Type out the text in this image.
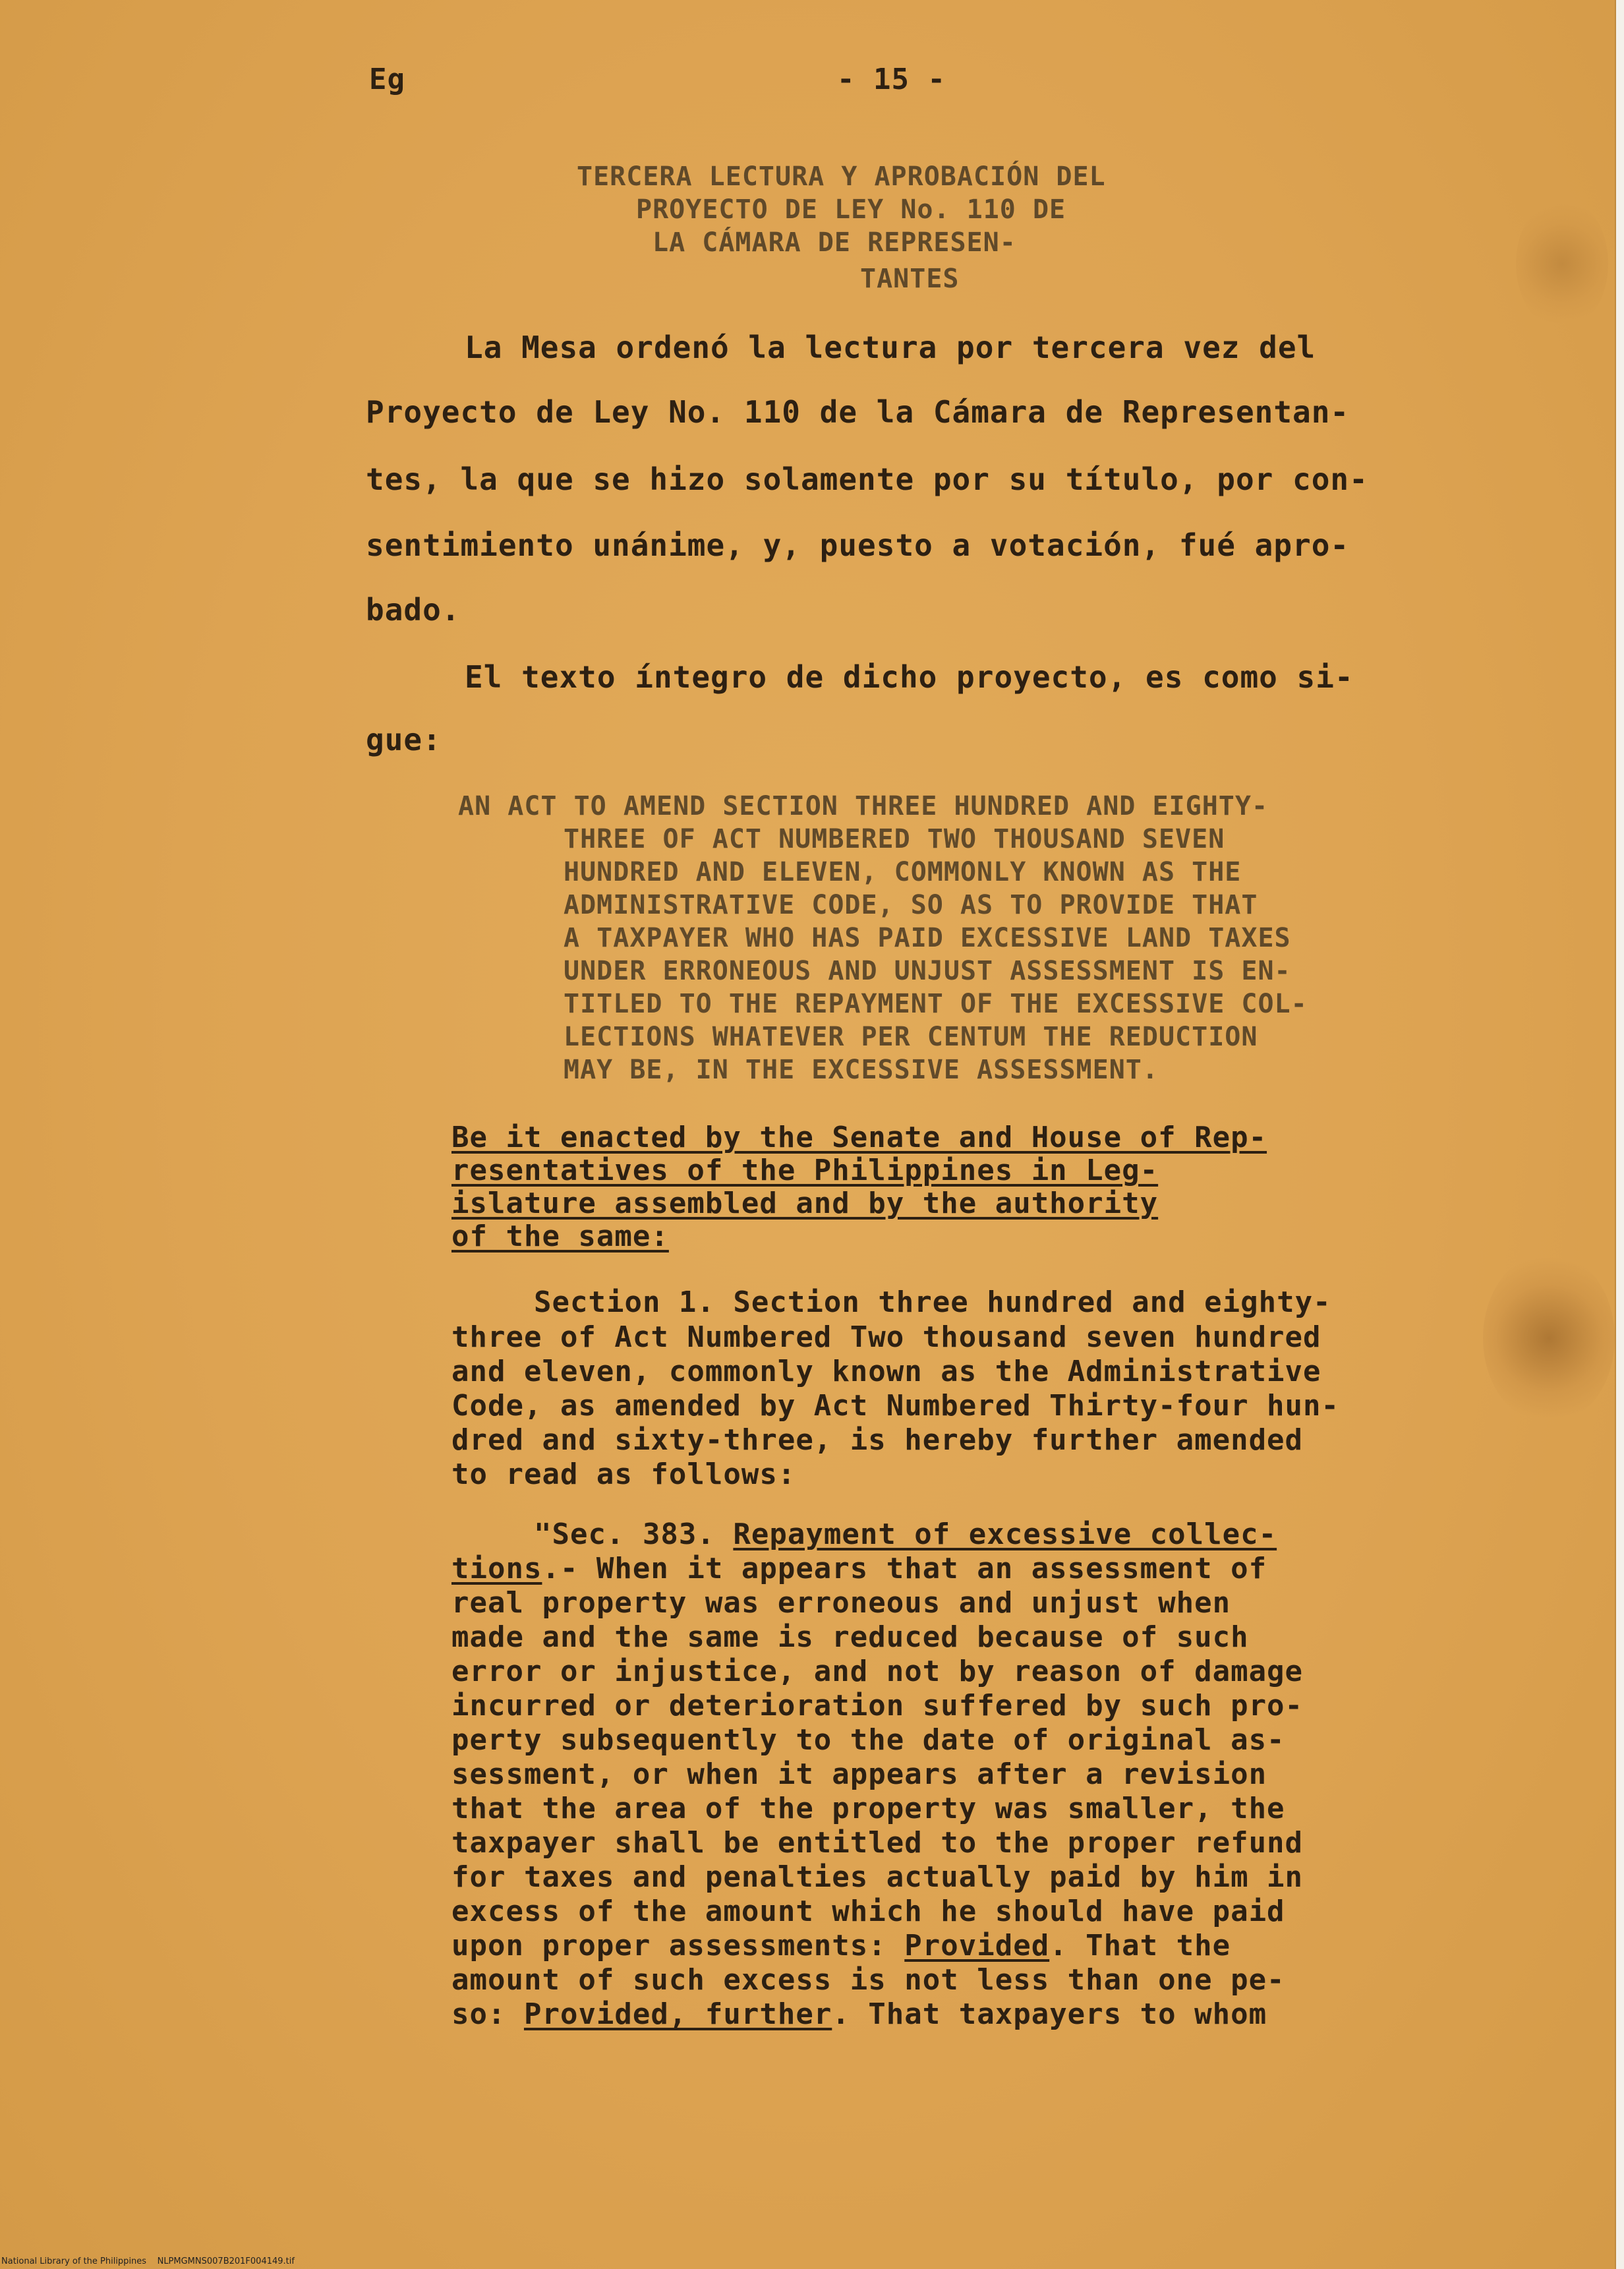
Eg	- 15 -
TERCERA LECTURA Y APROBACIÓN DEL
PROYECTO DE LEY No. 110 DE
LA CÁMARA DE REPRESEN-
TANTES
La Mesa ordenó la lectura por tercera vez del
Proyecto de Ley No. 110 de la Cámara de Representan-
tes, la que se hizo solamente por su título, por con-
sentimiento unánime, y, puesto a votación, fué apro-
bado.
El texto íntegro de dicho proyecto, es como si-
gue:
AN ACT TO AMEND SECTION THREE HUNDRED AND EIGHTY-
THREE OF ACT NUMBERED TWO THOUSAND SEVEN
HUNDRED AND ELEVEN, COMMONLY KNOWN AS THE
ADMINISTRATIVE CODE, SO AS TO PROVIDE THAT
A TAXPAYER WHO HAS PAID EXCESSIVE LAND TAXES
UNDER ERRONEOUS AND UNJUST ASSESSMENT IS EN-
TITLED TO THE REPAYMENT OF THE EXCESSIVE COL-
LECTIONS WHATEVER PER CENTUM THE REDUCTION
MAY BE, IN THE EXCESSIVE ASSESSMENT.
Be it enacted by the Senate and House of Rep-
resentatives of the Philippines in Leg-
islature assembled and by the authority
of the same:
Section 1. Section three hundred and eighty-
three of Act Numbered Two thousand seven hundred
and eleven, commonly known as the Administrative
Code, as amended by Act Numbered Thirty-four hun-
dred and sixty-three, is hereby further amended
to read as follows:
"Sec. 383. Repayment of excessive collec-
tions.- When it appears that an assessment of
real property was erroneous and unjust when
made and the same is reduced because of such
error or injustice, and not by reason of damage
incurred or deterioration suffered by such pro-
perty subsequently to the date of original as-
sessment, or when it appears after a revision
that the area of the property was smaller, the
taxpayer shall be entitled to the proper refund
for taxes and penalties actually paid by him in
excess of the amount which he should have paid
upon proper assessments: Provided. That the
amount of such excess is not less than one pe-
so: Provided, further. That taxpayers to whom
National Library of the Philippines    NLPMGMNS007B201F004149.tif
